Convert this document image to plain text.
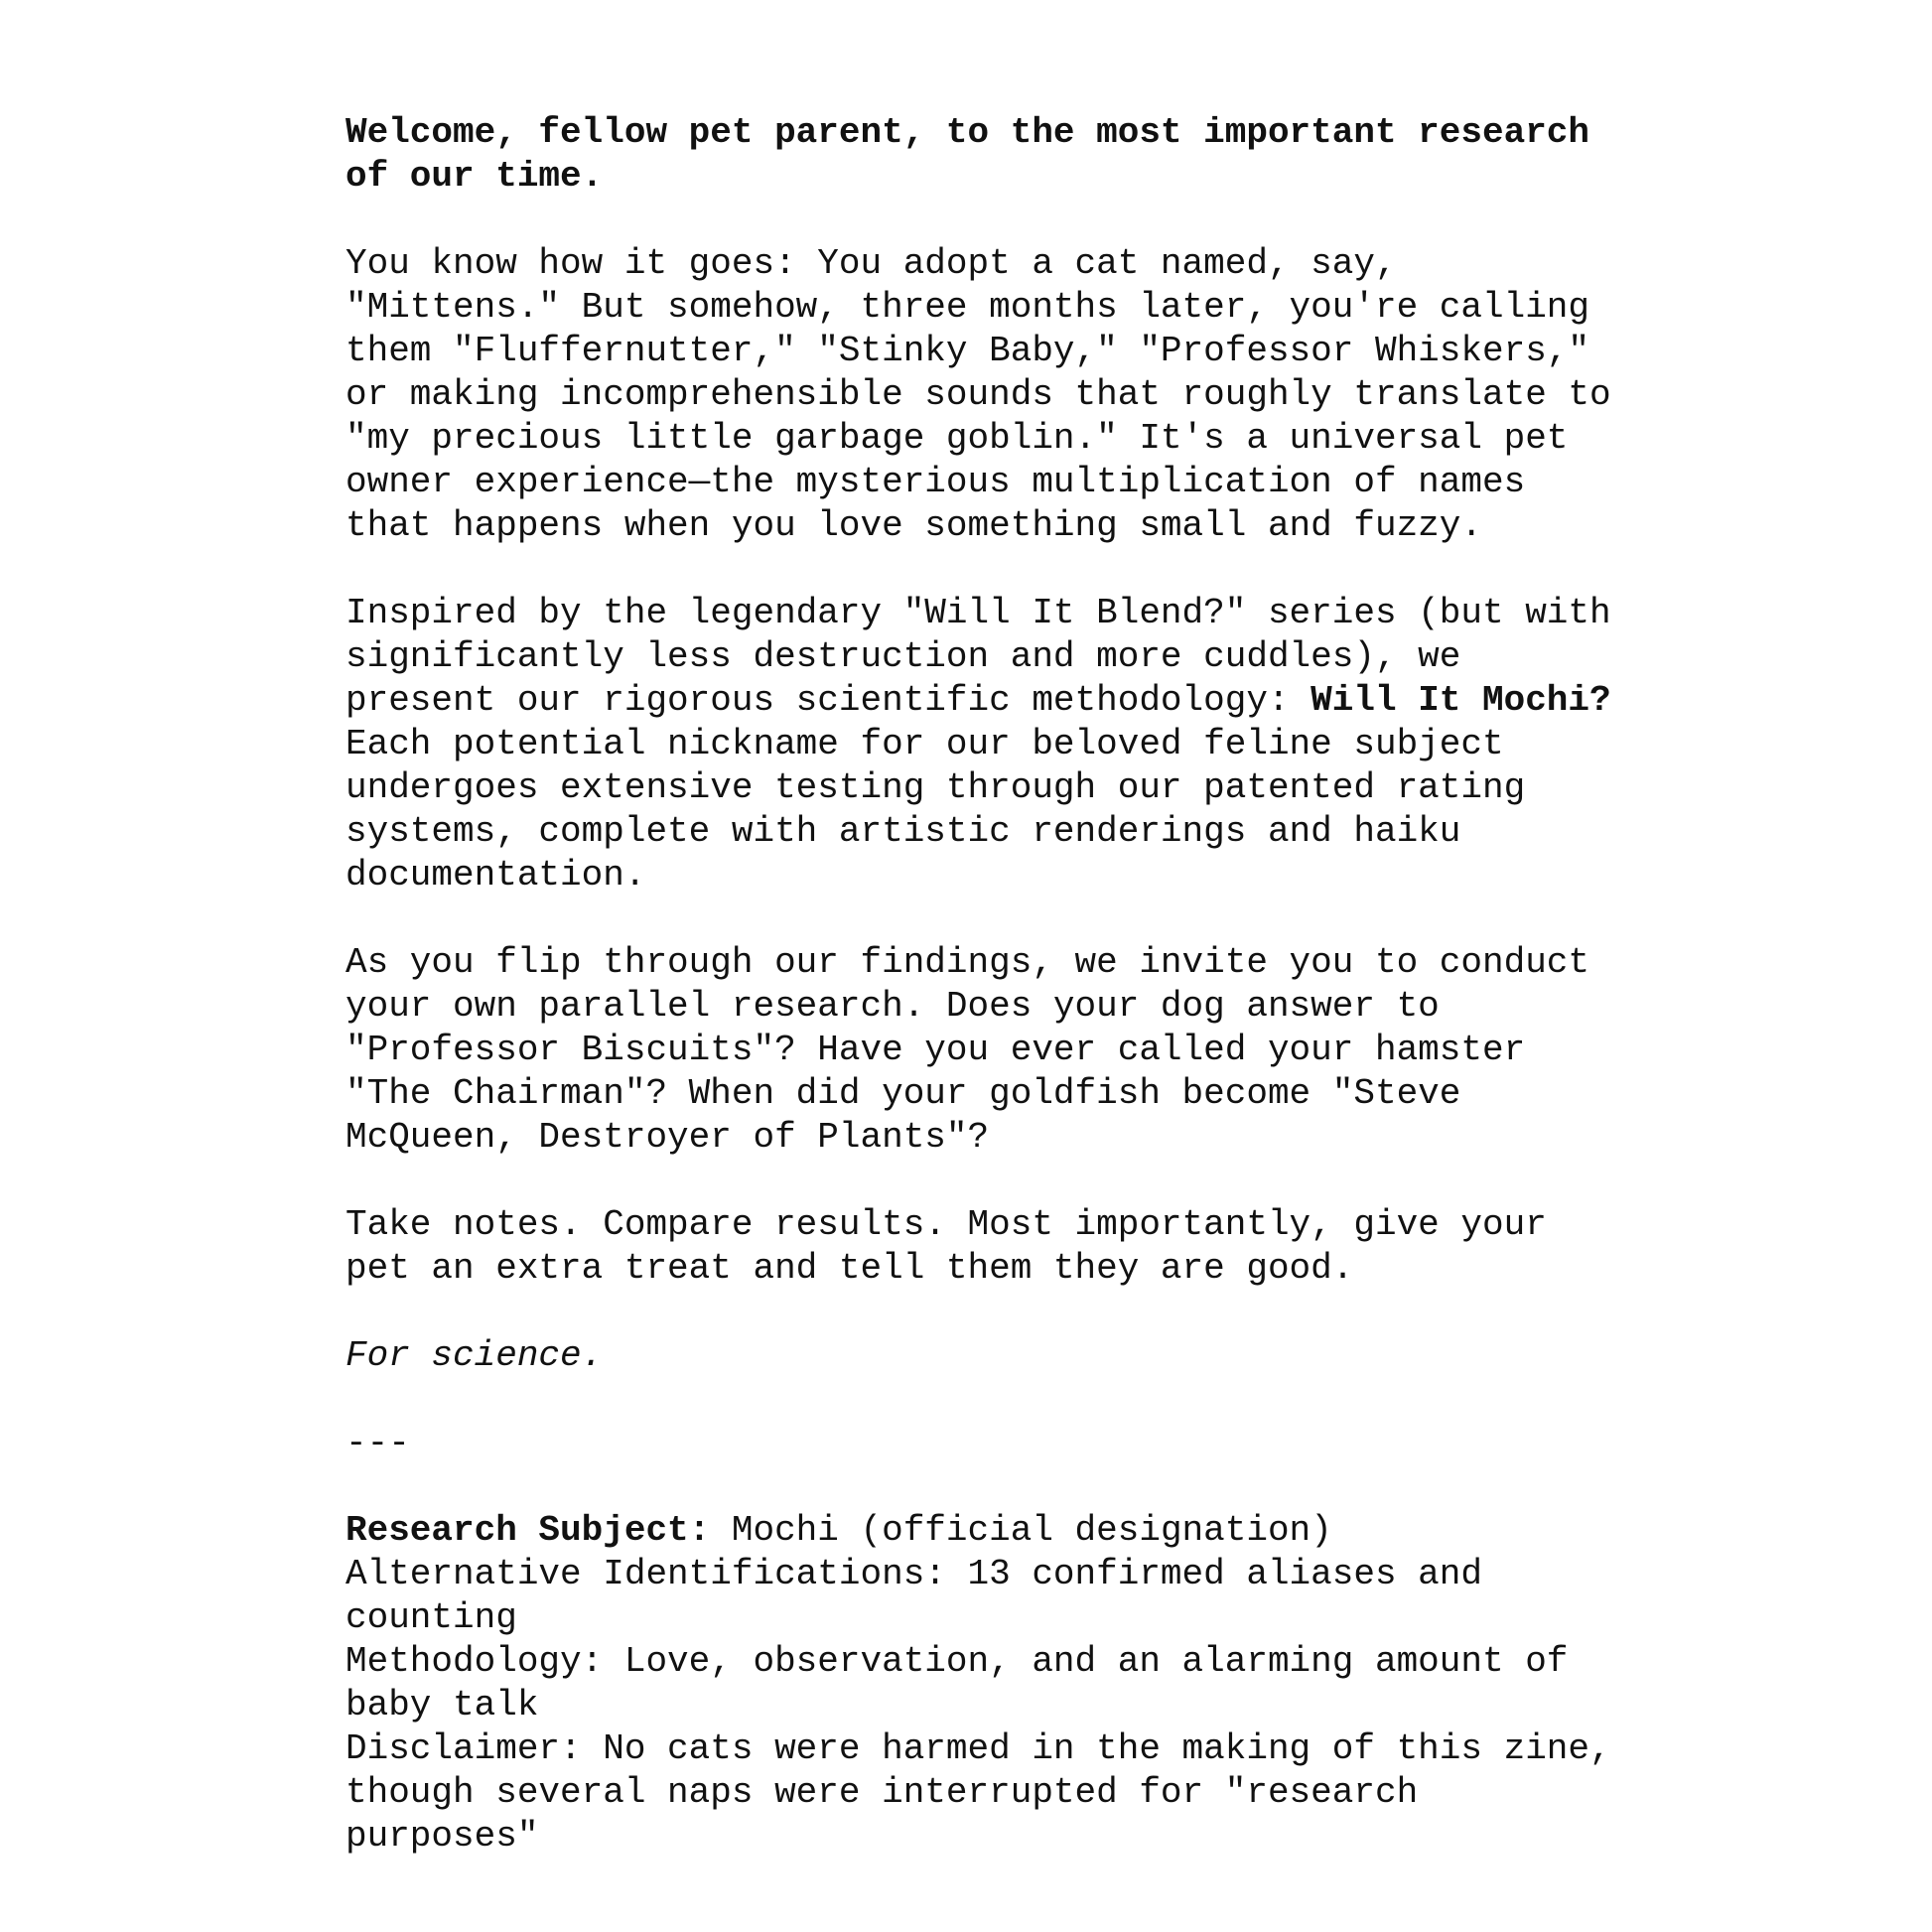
Welcome, fellow pet parent, to the most important research
of our time.

You know how it goes: You adopt a cat named, say,
"Mittens." But somehow, three months later, you're calling
them "Fluffernutter," "Stinky Baby," "Professor Whiskers,"
or making incomprehensible sounds that roughly translate to
"my precious little garbage goblin." It's a universal pet
owner experience—the mysterious multiplication of names
that happens when you love something small and fuzzy.

Inspired by the legendary "Will It Blend?" series (but with
significantly less destruction and more cuddles), we
present our rigorous scientific methodology: Will It Mochi?
Each potential nickname for our beloved feline subject
undergoes extensive testing through our patented rating
systems, complete with artistic renderings and haiku
documentation.

As you flip through our findings, we invite you to conduct
your own parallel research. Does your dog answer to
"Professor Biscuits"? Have you ever called your hamster
"The Chairman"? When did your goldfish become "Steve
McQueen, Destroyer of Plants"?

Take notes. Compare results. Most importantly, give your
pet an extra treat and tell them they are good.

For science.

---

Research Subject: Mochi (official designation)
Alternative Identifications: 13 confirmed aliases and
counting
Methodology: Love, observation, and an alarming amount of
baby talk
Disclaimer: No cats were harmed in the making of this zine,
though several naps were interrupted for "research
purposes"
